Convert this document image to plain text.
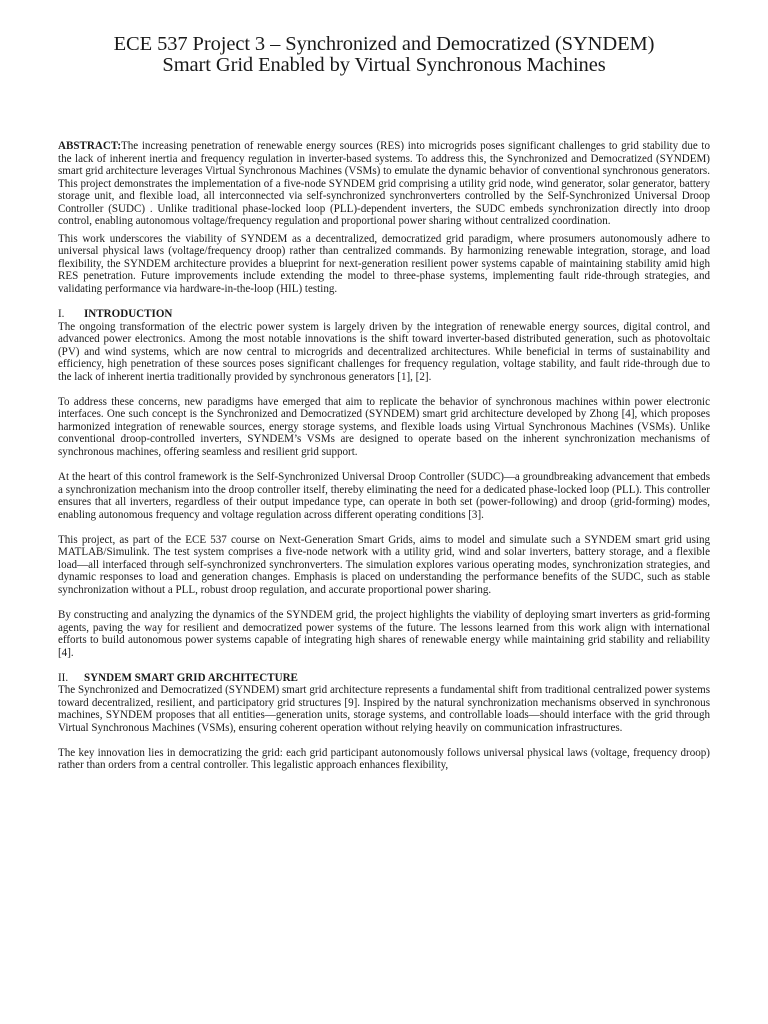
ECE 537 Project 3 – Synchronized and Democratized (SYNDEM)
Smart Grid Enabled by Virtual Synchronous Machines

ABSTRACT:The increasing penetration of renewable energy sources (RES) into microgrids poses significant challenges to grid stability due to the lack of inherent inertia and frequency regulation in inverter-based systems. To address this, the Synchronized and Democratized (SYNDEM) smart grid architecture leverages Virtual Synchronous Machines (VSMs) to emulate the dynamic behavior of conventional synchronous generators. This project demonstrates the implementation of a five-node SYNDEM grid comprising a utility grid node, wind generator, solar generator, battery storage unit, and flexible load, all interconnected via self-synchronized synchronverters controlled by the Self-Synchronized Universal Droop Controller (SUDC) . Unlike traditional phase-locked loop (PLL)-dependent inverters, the SUDC embeds synchronization directly into droop control, enabling autonomous voltage/frequency regulation and proportional power sharing without centralized coordination.

This work underscores the viability of SYNDEM as a decentralized, democratized grid paradigm, where prosumers autonomously adhere to universal physical laws (voltage/frequency droop) rather than centralized commands. By harmonizing renewable integration, storage, and load flexibility, the SYNDEM architecture provides a blueprint for next-generation resilient power systems capable of maintaining stability amid high RES penetration. Future improvements include extending the model to three-phase systems, implementing fault ride-through strategies, and validating performance via hardware-in-the-loop (HIL) testing.

I. INTRODUCTION

The ongoing transformation of the electric power system is largely driven by the integration of renewable energy sources, digital control, and advanced power electronics. Among the most notable innovations is the shift toward inverter-based distributed generation, such as photovoltaic (PV) and wind systems, which are now central to microgrids and decentralized architectures. While beneficial in terms of sustainability and efficiency, high penetration of these sources poses significant challenges for frequency regulation, voltage stability, and fault ride-through due to the lack of inherent inertia traditionally provided by synchronous generators [1], [2].

To address these concerns, new paradigms have emerged that aim to replicate the behavior of synchronous machines within power electronic interfaces. One such concept is the Synchronized and Democratized (SYNDEM) smart grid architecture developed by Zhong [4], which proposes harmonized integration of renewable sources, energy storage systems, and flexible loads using Virtual Synchronous Machines (VSMs). Unlike conventional droop-controlled inverters, SYNDEM’s VSMs are designed to operate based on the inherent synchronization mechanisms of synchronous machines, offering seamless and resilient grid support.

At the heart of this control framework is the Self-Synchronized Universal Droop Controller (SUDC)—a groundbreaking advancement that embeds a synchronization mechanism into the droop controller itself, thereby eliminating the need for a dedicated phase-locked loop (PLL). This controller ensures that all inverters, regardless of their output impedance type, can operate in both set (power-following) and droop (grid-forming) modes, enabling autonomous frequency and voltage regulation across different operating conditions [3].

This project, as part of the ECE 537 course on Next-Generation Smart Grids, aims to model and simulate such a SYNDEM smart grid using MATLAB/Simulink. The test system comprises a five-node network with a utility grid, wind and solar inverters, battery storage, and a flexible load—all interfaced through self-synchronized synchronverters. The simulation explores various operating modes, synchronization strategies, and dynamic responses to load and generation changes. Emphasis is placed on understanding the performance benefits of the SUDC, such as stable synchronization without a PLL, robust droop regulation, and accurate proportional power sharing.

By constructing and analyzing the dynamics of the SYNDEM grid, the project highlights the viability of deploying smart inverters as grid-forming agents, paving the way for resilient and democratized power systems of the future. The lessons learned from this work align with international efforts to build autonomous power systems capable of integrating high shares of renewable energy while maintaining grid stability and reliability [4].

II. SYNDEM SMART GRID ARCHITECTURE

The Synchronized and Democratized (SYNDEM) smart grid architecture represents a fundamental shift from traditional centralized power systems toward decentralized, resilient, and participatory grid structures [9]. Inspired by the natural synchronization mechanisms observed in synchronous machines, SYNDEM proposes that all entities—generation units, storage systems, and controllable loads—should interface with the grid through Virtual Synchronous Machines (VSMs), ensuring coherent operation without relying heavily on communication infrastructures.

The key innovation lies in democratizing the grid: each grid participant autonomously follows universal physical laws (voltage, frequency droop) rather than orders from a central controller. This legalistic approach enhances flexibility,
